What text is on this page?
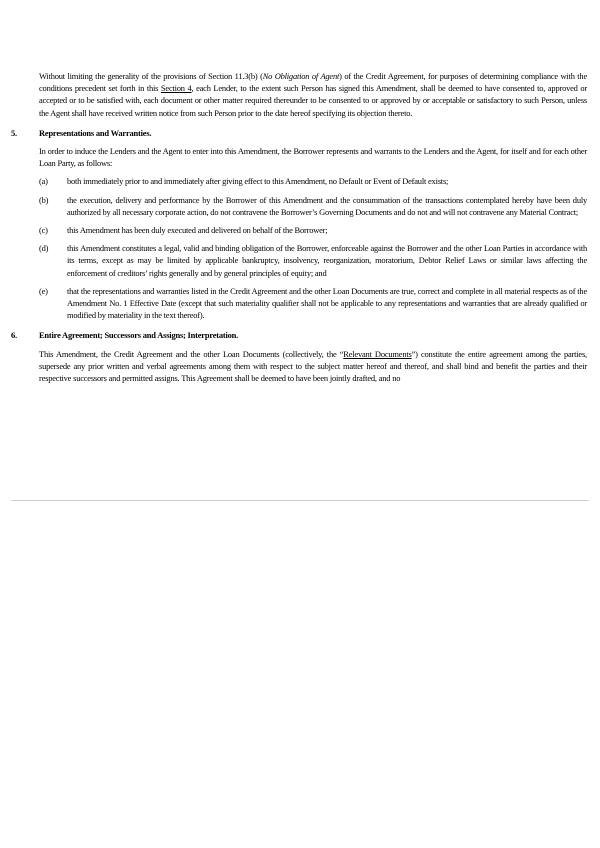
Without limiting the generality of the provisions of Section 11.3(b) (No Obligation of Agent) of the Credit Agreement, for purposes of determining compliance with the conditions precedent set forth in this Section 4, each Lender, to the extent such Person has signed this Amendment, shall be deemed to have consented to, approved or accepted or to be satisfied with, each document or other matter required thereunder to be consented to or approved by or acceptable or satisfactory to such Person, unless the Agent shall have received written notice from such Person prior to the date hereof specifying its objection thereto.

5.	Representations and Warranties.

In order to induce the Lenders and the Agent to enter into this Amendment, the Borrower represents and warrants to the Lenders and the Agent, for itself and for each other Loan Party, as follows:

(a)	both immediately prior to and immediately after giving effect to this Amendment, no Default or Event of Default exists;
(b)	the execution, delivery and performance by the Borrower of this Amendment and the consummation of the transactions contemplated hereby have been duly authorized by all necessary corporate action, do not contravene the Borrower’s Governing Documents and do not and will not contravene any Material Contract;
(c)	this Amendment has been duly executed and delivered on behalf of the Borrower;
(d)	this Amendment constitutes a legal, valid and binding obligation of the Borrower, enforceable against the Borrower and the other Loan Parties in accordance with its terms, except as may be limited by applicable bankruptcy, insolvency, reorganization, moratorium, Debtor Relief Laws or similar laws affecting the enforcement of creditors’ rights generally and by general principles of equity; and
(e)	that the representations and warranties listed in the Credit Agreement and the other Loan Documents are true, correct and complete in all material respects as of the Amendment No. 1 Effective Date (except that such materiality qualifier shall not be applicable to any representations and warranties that are already qualified or modified by materiality in the text thereof).
6.	Entire Agreement; Successors and Assigns; Interpretation.

This Amendment, the Credit Agreement and the other Loan Documents (collectively, the “Relevant Documents”) constitute the entire agreement among the parties, supersede any prior written and verbal agreements among them with respect to the subject matter hereof and thereof, and shall bind and benefit the parties and their respective successors and permitted assigns. This Agreement shall be deemed to have been jointly drafted, and no
